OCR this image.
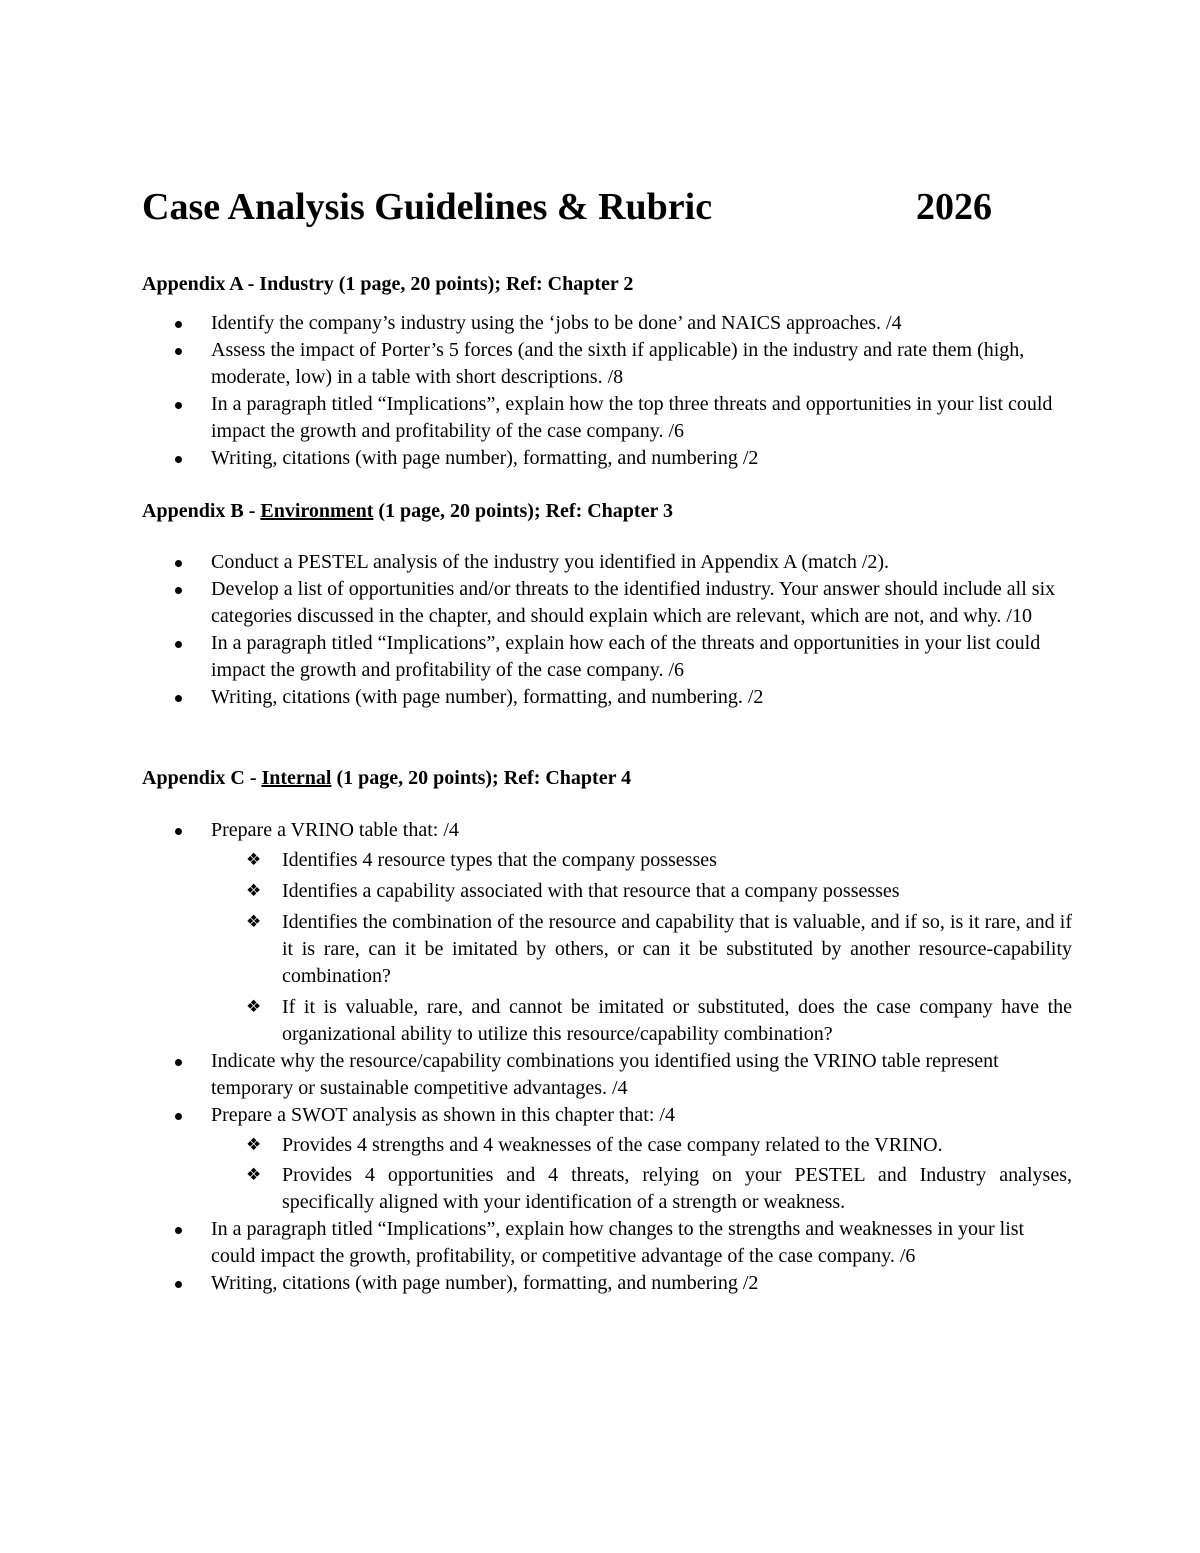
Case Analysis Guidelines & Rubric	2026
Appendix A - Industry (1 page, 20 points); Ref: Chapter 2
Identify the company’s industry using the ‘jobs to be done’ and NAICS approaches. /4
Assess the impact of Porter’s 5 forces (and the sixth if applicable) in the industry and rate them (high, moderate, low) in a table with short descriptions. /8
In a paragraph titled “Implications”, explain how the top three threats and opportunities in your list could impact the growth and profitability of the case company. /6
Writing, citations (with page number), formatting, and numbering /2
Appendix B - Environment (1 page, 20 points); Ref: Chapter 3
Conduct a PESTEL analysis of the industry you identified in Appendix A (match /2).
Develop a list of opportunities and/or threats to the identified industry. Your answer should include all six categories discussed in the chapter, and should explain which are relevant, which are not, and why. /10
In a paragraph titled “Implications”, explain how each of the threats and opportunities in your list could impact the growth and profitability of the case company. /6
Writing, citations (with page number), formatting, and numbering. /2
Appendix C - Internal (1 page, 20 points); Ref: Chapter 4
Prepare a VRINO table that: /4
❖ Identifies 4 resource types that the company possesses
❖ Identifies a capability associated with that resource that a company possesses
❖ Identifies the combination of the resource and capability that is valuable, and if so, is it rare, and if it is rare, can it be imitated by others, or can it be substituted by another resource-capability combination?
❖ If it is valuable, rare, and cannot be imitated or substituted, does the case company have the organizational ability to utilize this resource/capability combination?
Indicate why the resource/capability combinations you identified using the VRINO table represent temporary or sustainable competitive advantages. /4
Prepare a SWOT analysis as shown in this chapter that: /4
❖ Provides 4 strengths and 4 weaknesses of the case company related to the VRINO.
❖ Provides 4 opportunities and 4 threats, relying on your PESTEL and Industry analyses, specifically aligned with your identification of a strength or weakness.
In a paragraph titled “Implications”, explain how changes to the strengths and weaknesses in your list could impact the growth, profitability, or competitive advantage of the case company. /6
Writing, citations (with page number), formatting, and numbering /2
